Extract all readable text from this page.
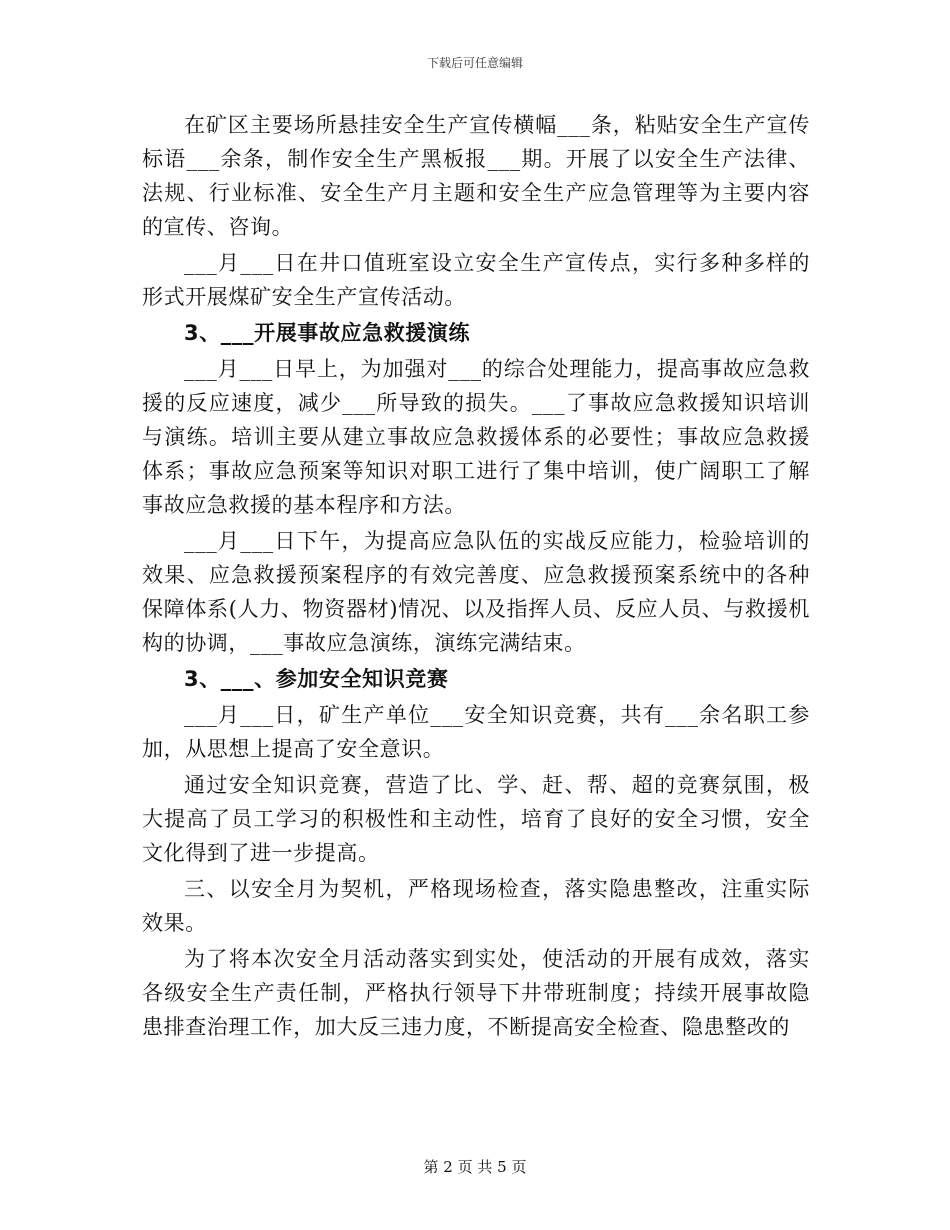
下载后可任意编辑

在矿区主要场所悬挂安全生产宣传横幅___条，粘贴安全生产宣传标语___余条，制作安全生产黑板报___期。开展了以安全生产法律、法规、行业标准、安全生产月主题和安全生产应急管理等为主要内容的宣传、咨询。

___月___日在井口值班室设立安全生产宣传点，实行多种多样的形式开展煤矿安全生产宣传活动。

3、___开展事故应急救援演练

___月___日早上，为加强对___的综合处理能力，提高事故应急救援的反应速度，减少___所导致的损失。___了事故应急救援知识培训与演练。培训主要从建立事故应急救援体系的必要性；事故应急救援体系；事故应急预案等知识对职工进行了集中培训，使广阔职工了解事故应急救援的基本程序和方法。

___月___日下午，为提高应急队伍的实战反应能力，检验培训的效果、应急救援预案程序的有效完善度、应急救援预案系统中的各种保障体系(人力、物资器材)情况、以及指挥人员、反应人员、与救援机构的协调，___事故应急演练，演练完满结束。

3、___、参加安全知识竞赛

___月___日，矿生产单位___安全知识竞赛，共有___余名职工参加，从思想上提高了安全意识。

通过安全知识竞赛，营造了比、学、赶、帮、超的竞赛氛围，极大提高了员工学习的积极性和主动性，培育了良好的安全习惯，安全文化得到了进一步提高。

三、以安全月为契机，严格现场检查，落实隐患整改，注重实际效果。

为了将本次安全月活动落实到实处，使活动的开展有成效，落实各级安全生产责任制，严格执行领导下井带班制度；持续开展事故隐患排查治理工作，加大反三违力度，不断提高安全检查、隐患整改的

第 2 页 共 5 页
